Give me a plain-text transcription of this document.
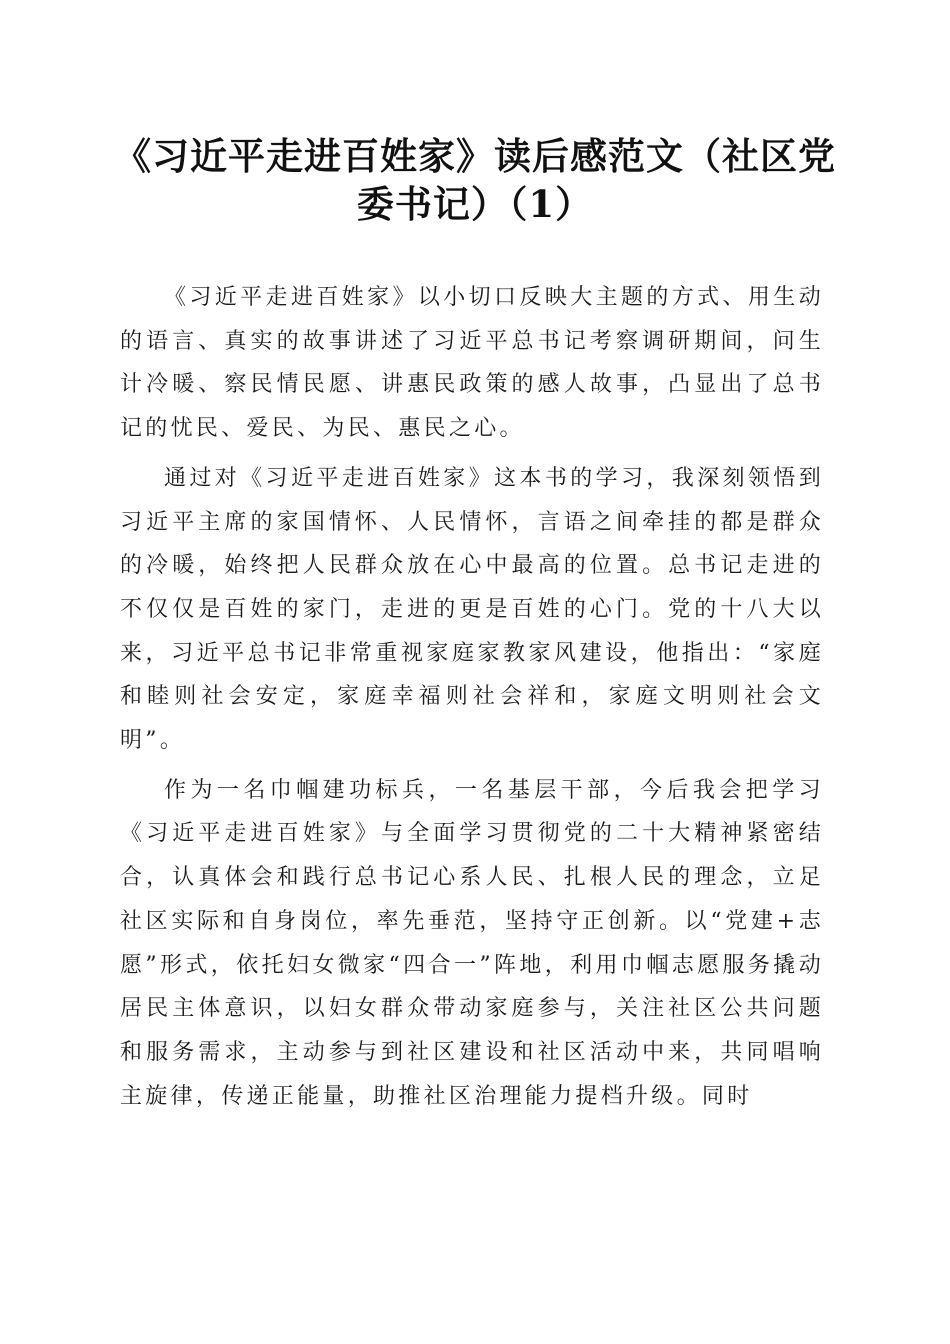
《习近平走进百姓家》读后感范文（社区党委书记）（1）

《习近平走进百姓家》以小切口反映大主题的方式、用生动的语言、真实的故事讲述了习近平总书记考察调研期间，问生计冷暖、察民情民愿、讲惠民政策的感人故事，凸显出了总书记的忧民、爱民、为民、惠民之心。

通过对《习近平走进百姓家》这本书的学习，我深刻领悟到习近平主席的家国情怀、人民情怀，言语之间牵挂的都是群众的冷暖，始终把人民群众放在心中最高的位置。总书记走进的不仅仅是百姓的家门，走进的更是百姓的心门。党的十八大以来，习近平总书记非常重视家庭家教家风建设，他指出：“家庭和睦则社会安定，家庭幸福则社会祥和，家庭文明则社会文明”。

作为一名巾帼建功标兵，一名基层干部，今后我会把学习《习近平走进百姓家》与全面学习贯彻党的二十大精神紧密结合，认真体会和践行总书记心系人民、扎根人民的理念，立足社区实际和自身岗位，率先垂范，坚持守正创新。以“党建+志愿”形式，依托妇女微家“四合一”阵地，利用巾帼志愿服务撬动居民主体意识，以妇女群众带动家庭参与，关注社区公共问题和服务需求，主动参与到社区建设和社区活动中来，共同唱响主旋律，传递正能量，助推社区治理能力提档升级。同时
